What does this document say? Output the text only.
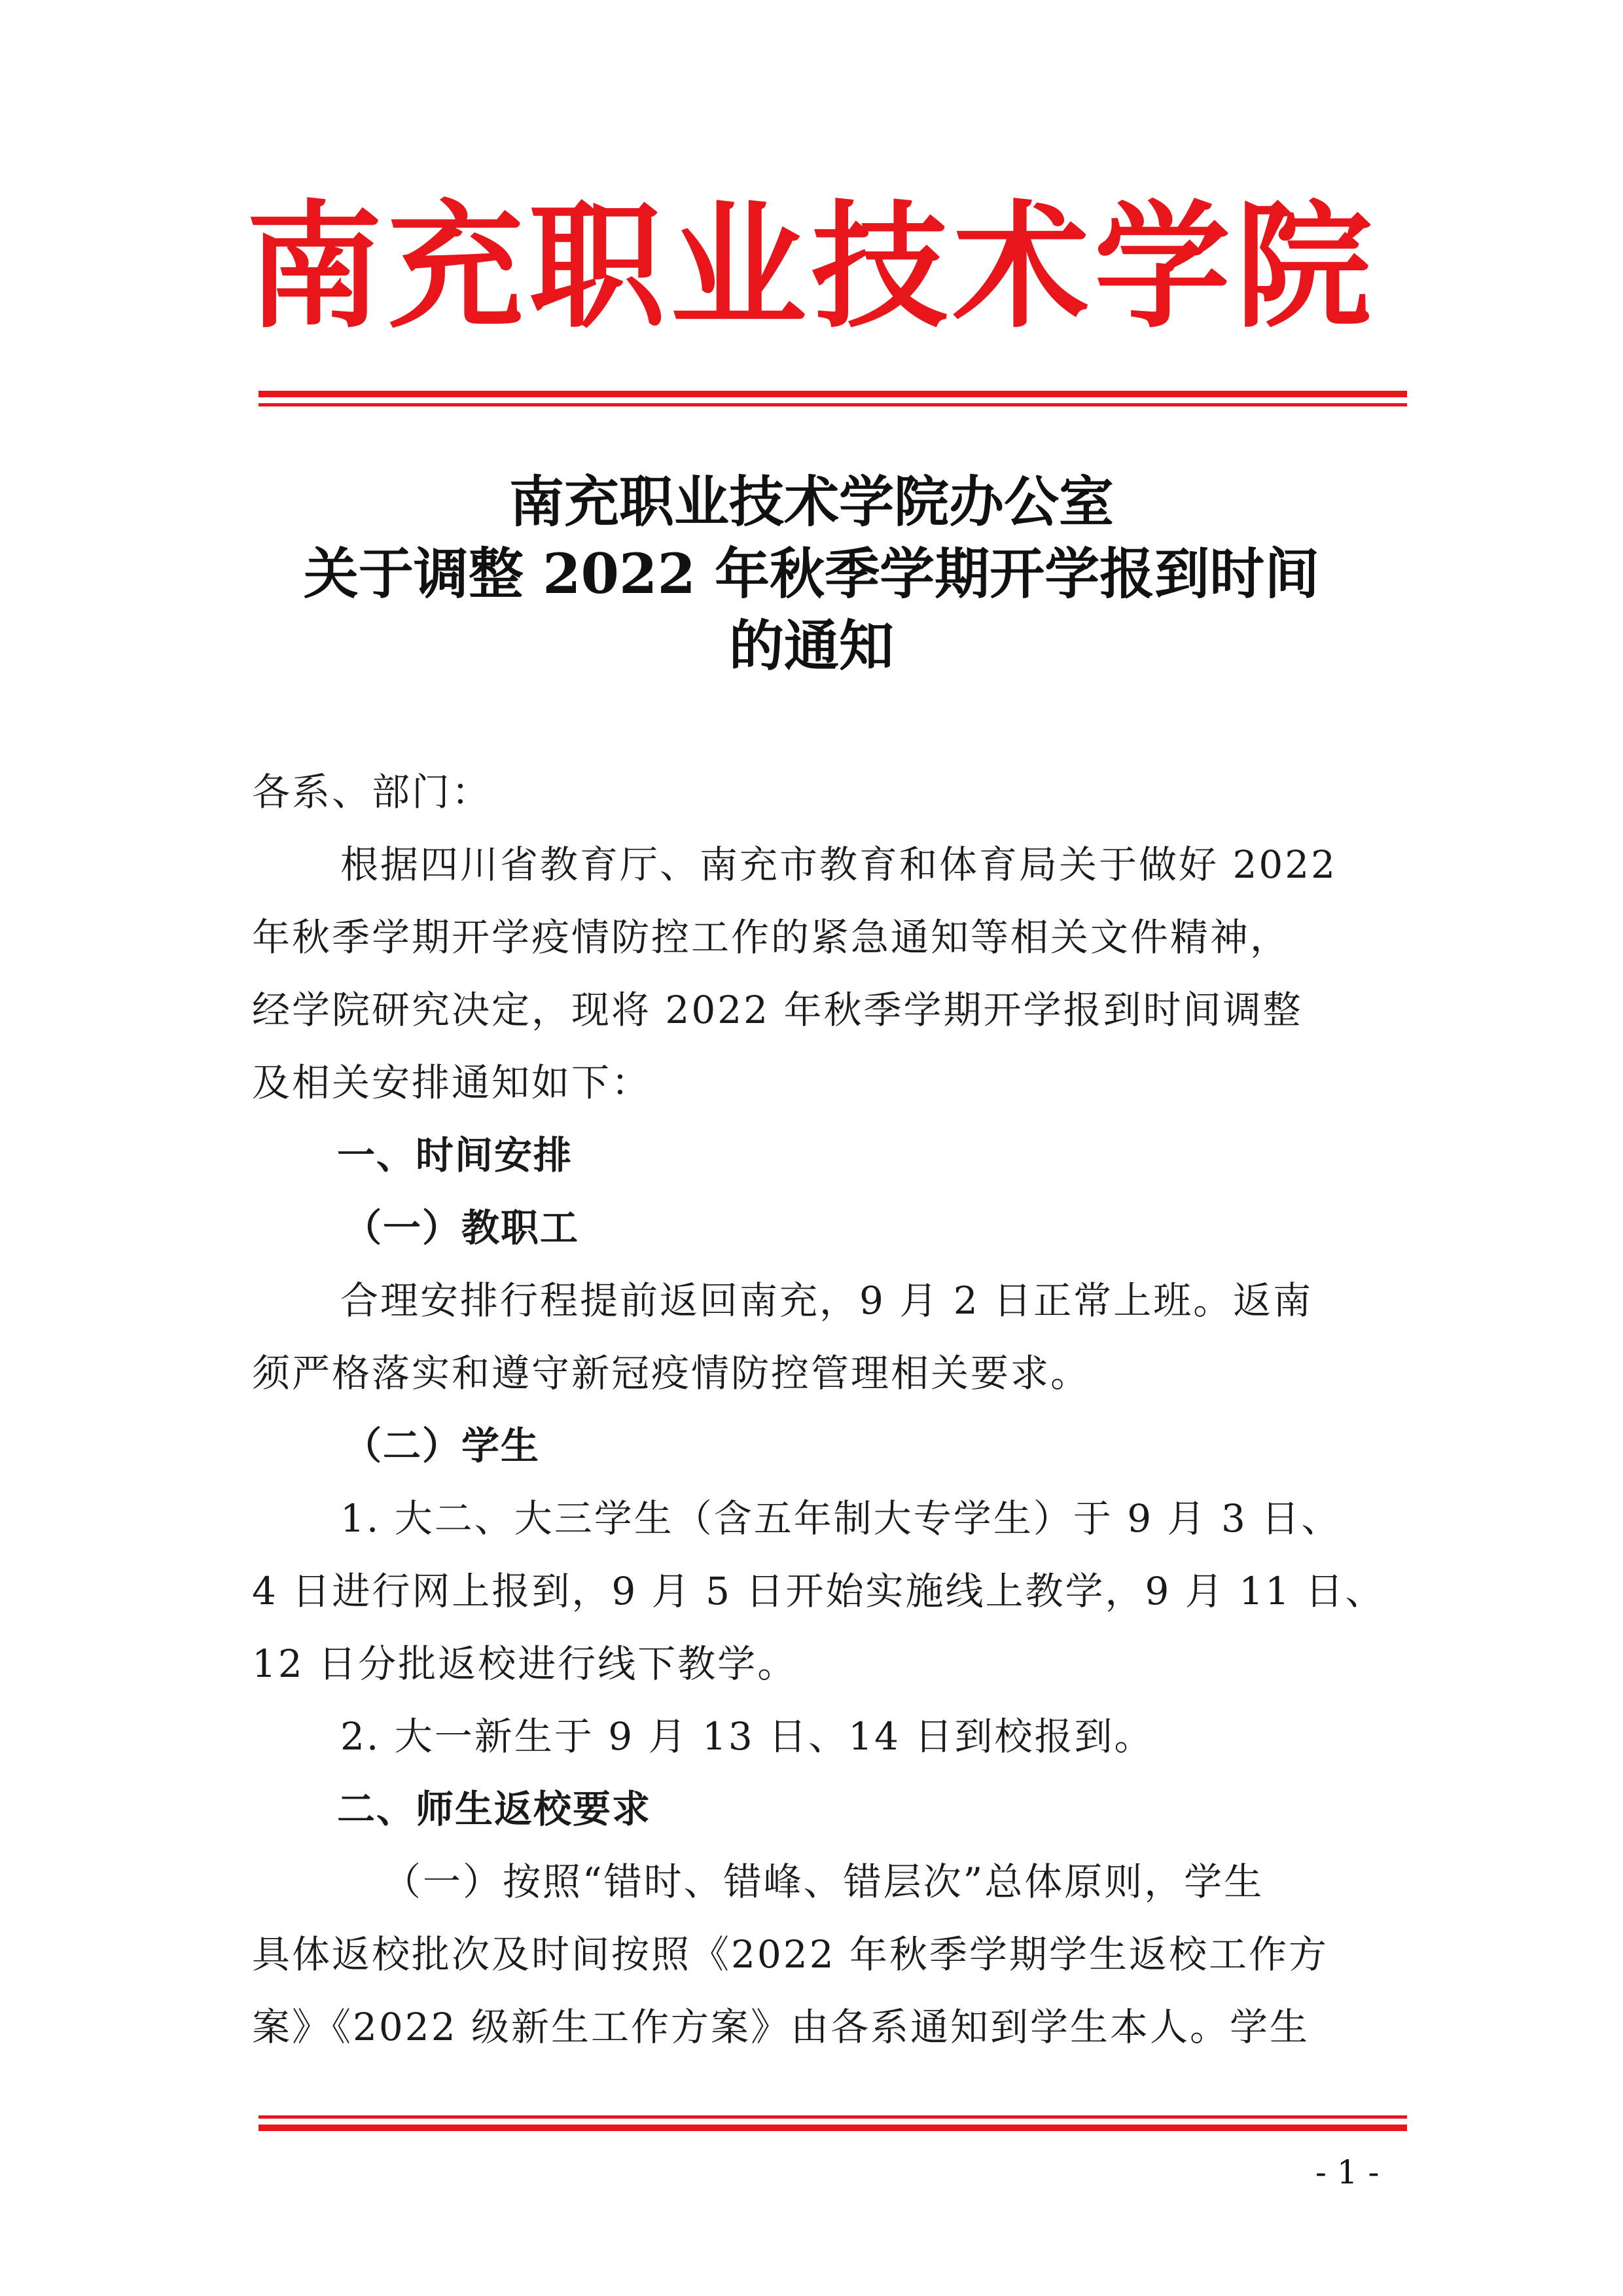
南充职业技术学院
南充职业技术学院办公室
关于调整 2022 年秋季学期开学报到时间
的通知

各系、部门：

根据四川省教育厅、南充市教育和体育局关于做好 2022

年秋季学期开学疫情防控工作的紧急通知等相关文件精神，

经学院研究决定，现将 2022 年秋季学期开学报到时间调整

及相关安排通知如下：

一、时间安排

（一）教职工

合理安排行程提前返回南充，9 月 2 日正常上班。返南

须严格落实和遵守新冠疫情防控管理相关要求。

（二）学生

1. 大二、大三学生（含五年制大专学生）于 9 月 3 日、

4 日进行网上报到，9 月 5 日开始实施线上教学，9 月 11 日、

12 日分批返校进行线下教学。

2. 大一新生于 9 月 13 日、14 日到校报到。

二、师生返校要求

（一）按照“错时、错峰、错层次”总体原则，学生

具体返校批次及时间按照《2022 年秋季学期学生返校工作方

案》《2022 级新生工作方案》由各系通知到学生本人。学生

- 1 -
